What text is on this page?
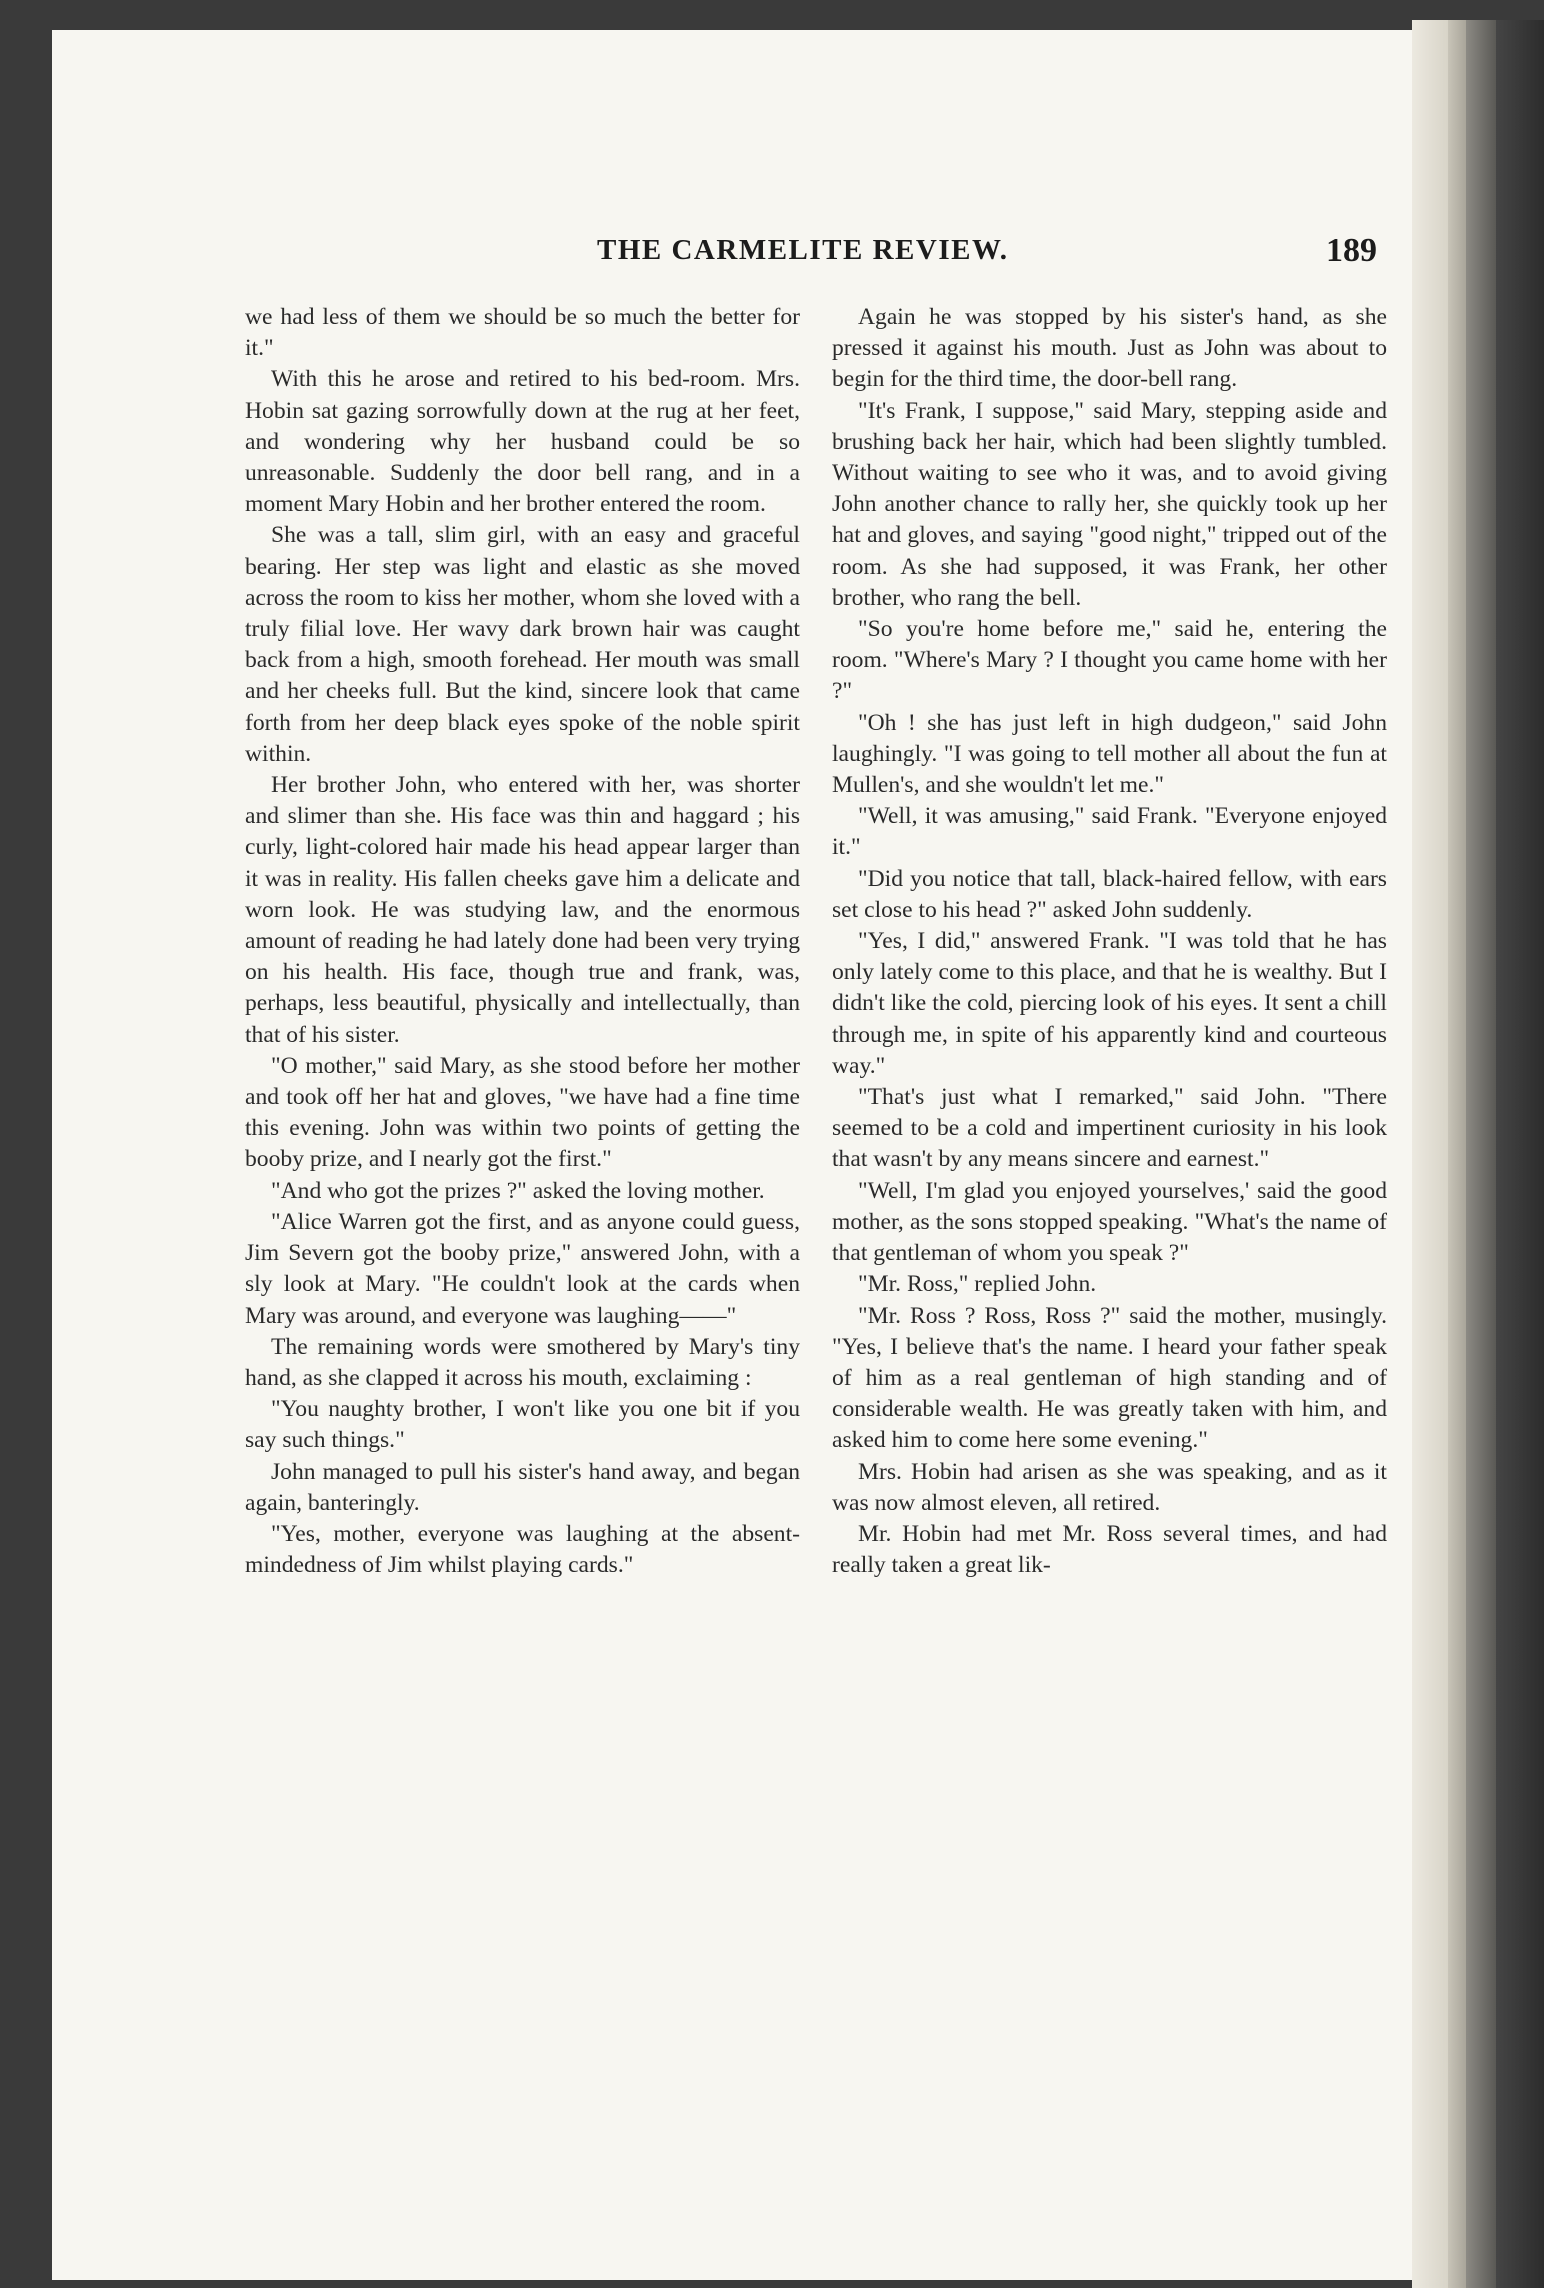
THE CARMELITE REVIEW.	189

we had less of them we should be so much the better for it."

With this he arose and retired to his bed-room. Mrs. Hobin sat gazing sorrowfully down at the rug at her feet, and wondering why her husband could be so unreasonable. Suddenly the door bell rang, and in a moment Mary Hobin and her brother entered the room.

She was a tall, slim girl, with an easy and graceful bearing. Her step was light and elastic as she moved across the room to kiss her mother, whom she loved with a truly filial love. Her wavy dark brown hair was caught back from a high, smooth forehead. Her mouth was small and her cheeks full. But the kind, sincere look that came forth from her deep black eyes spoke of the noble spirit within.

Her brother John, who entered with her, was shorter and slimer than she. His face was thin and haggard ; his curly, light-colored hair made his head appear larger than it was in reality. His fallen cheeks gave him a delicate and worn look. He was studying law, and the enormous amount of reading he had lately done had been very trying on his health. His face, though true and frank, was, perhaps, less beautiful, physically and intellectually, than that of his sister.

"O mother," said Mary, as she stood before her mother and took off her hat and gloves, "we have had a fine time this evening. John was within two points of getting the booby prize, and I nearly got the first."

"And who got the prizes ?" asked the loving mother.

"Alice Warren got the first, and as anyone could guess, Jim Severn got the booby prize," answered John, with a sly look at Mary. "He couldn't look at the cards when Mary was around, and everyone was laughing——"

The remaining words were smothered by Mary's tiny hand, as she clapped it across his mouth, exclaiming :

"You naughty brother, I won't like you one bit if you say such things."

John managed to pull his sister's hand away, and began again, banteringly.

"Yes, mother, everyone was laughing at the absent-mindedness of Jim whilst playing cards."

Again he was stopped by his sister's hand, as she pressed it against his mouth. Just as John was about to begin for the third time, the door-bell rang.

"It's Frank, I suppose," said Mary, stepping aside and brushing back her hair, which had been slightly tumbled. Without waiting to see who it was, and to avoid giving John another chance to rally her, she quickly took up her hat and gloves, and saying "good night," tripped out of the room. As she had supposed, it was Frank, her other brother, who rang the bell.

"So you're home before me," said he, entering the room. "Where's Mary ? I thought you came home with her ?"

"Oh ! she has just left in high dudgeon," said John laughingly. "I was going to tell mother all about the fun at Mullen's, and she wouldn't let me."

"Well, it was amusing," said Frank. "Everyone enjoyed it."

"Did you notice that tall, black-haired fellow, with ears set close to his head ?" asked John suddenly.

"Yes, I did," answered Frank. "I was told that he has only lately come to this place, and that he is wealthy. But I didn't like the cold, piercing look of his eyes. It sent a chill through me, in spite of his apparently kind and courteous way."

"That's just what I remarked," said John. "There seemed to be a cold and impertinent curiosity in his look that wasn't by any means sincere and earnest."

"Well, I'm glad you enjoyed yourselves,' said the good mother, as the sons stopped speaking. "What's the name of that gentleman of whom you speak ?"

"Mr. Ross," replied John.

"Mr. Ross ? Ross, Ross ?" said the mother, musingly. "Yes, I believe that's the name. I heard your father speak of him as a real gentleman of high standing and of considerable wealth. He was greatly taken with him, and asked him to come here some evening."

Mrs. Hobin had arisen as she was speaking, and as it was now almost eleven, all retired.

Mr. Hobin had met Mr. Ross several times, and had really taken a great lik-
